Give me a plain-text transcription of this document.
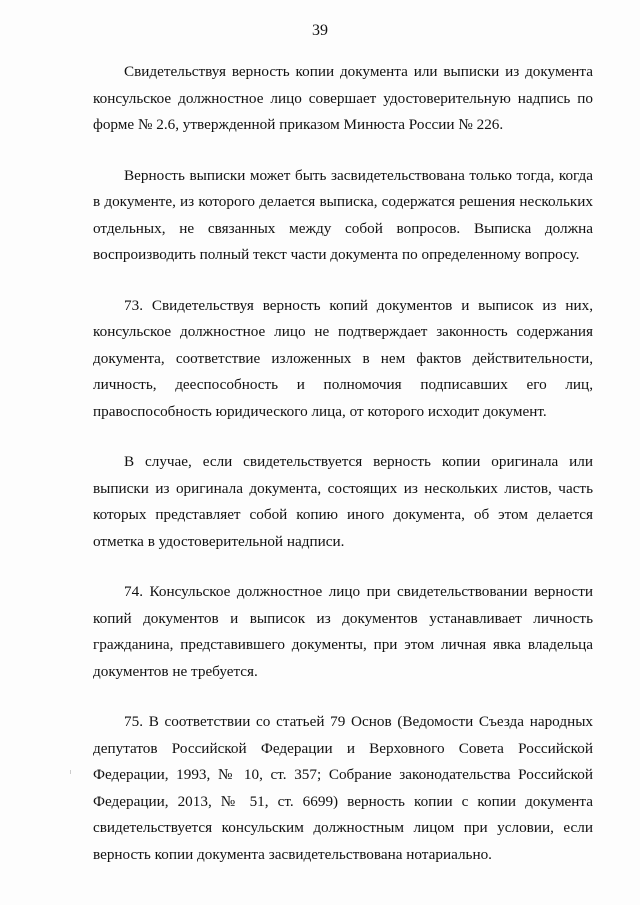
39

Свидетельствуя верность копии документа или выписки из документа консульское должностное лицо совершает удостоверительную надпись по форме № 2.6, утвержденной приказом Минюста России № 226.

Верность выписки может быть засвидетельствована только тогда, когда в документе, из которого делается выписка, содержатся решения нескольких отдельных, не связанных между собой вопросов. Выписка должна воспроизводить полный текст части документа по определенному вопросу.

73. Свидетельствуя верность копий документов и выписок из них, консульское должностное лицо не подтверждает законность содержания документа, соответствие изложенных в нем фактов действительности, личность, дееспособность и полномочия подписавших его лиц, правоспособность юридического лица, от которого исходит документ.

В случае, если свидетельствуется верность копии оригинала или выписки из оригинала документа, состоящих из нескольких листов, часть которых представляет собой копию иного документа, об этом делается отметка в удостоверительной надписи.

74. Консульское должностное лицо при свидетельствовании верности копий документов и выписок из документов устанавливает личность гражданина, представившего документы, при этом личная явка владельца документов не требуется.

75. В соответствии со статьей 79 Основ (Ведомости Съезда народных депутатов Российской Федерации и Верховного Совета Российской Федерации, 1993, № 10, ст. 357; Собрание законодательства Российской Федерации, 2013, № 51, ст. 6699) верность копии с копии документа свидетельствуется консульским должностным лицом при условии, если верность копии документа засвидетельствована нотариально.
